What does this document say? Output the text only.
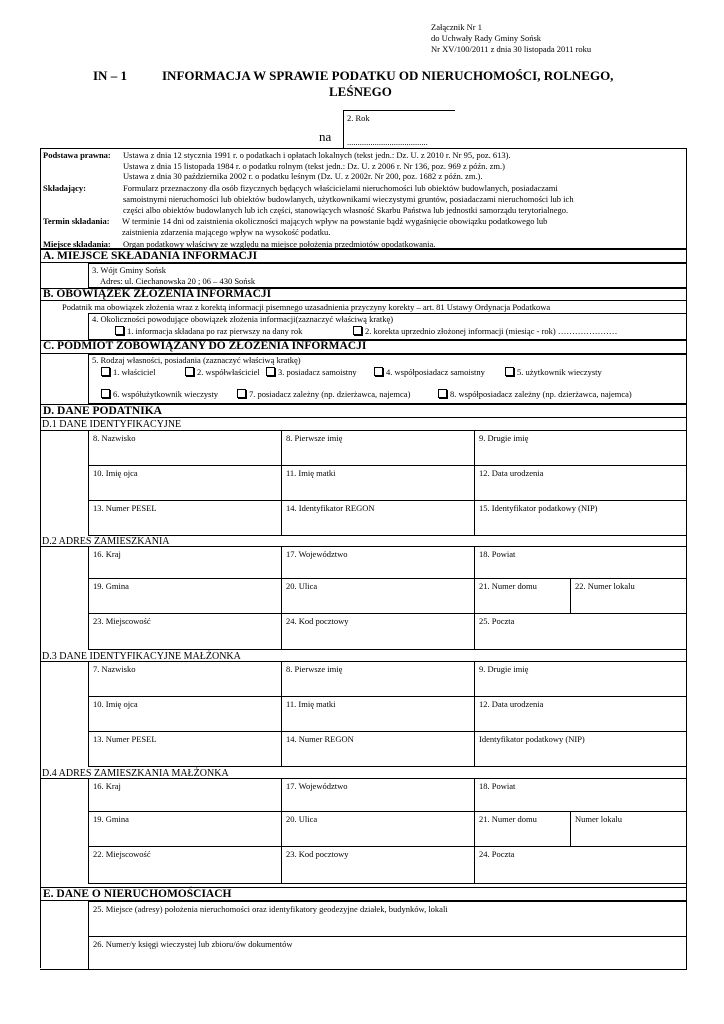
Załącznik Nr 1
do Uchwały Rady Gminy Sońsk
Nr XV/100/2011 z dnia 30 listopada 2011 roku
IN – 1	INFORMACJA W SPRAWIE PODATKU OD NIERUCHOMOŚCI, ROLNEGO,
LEŚNEGO
2. Rok
......................................
na
Podstawa prawna: Ustawa z dnia 12 stycznia 1991 r. o podatkach i opłatach lokalnych (tekst jedn.: Dz. U. z 2010 r. Nr 95, poz. 613).
Ustawa z dnia 15 listopada 1984 r. o podatku rolnym (tekst jedn.: Dz. U. z 2006 r. Nr 136, poz. 969 z późn. zm.)
Ustawa z dnia 30 października 2002 r. o podatku leśnym (Dz. U. z 2002r. Nr 200, poz. 1682 z późn. zm.).
Składający:	Formularz przeznaczony dla osób fizycznych będących właścicielami nieruchomości lub obiektów budowlanych, posiadaczami
samoistnymi nieruchomości lub obiektów budowlanych, użytkownikami wieczystymi gruntów, posiadaczami nieruchomości lub ich
części albo obiektów budowlanych lub ich części, stanowiących własność Skarbu Państwa lub jednostki samorządu terytorialnego.
Termin składania: W terminie 14 dni od zaistnienia okoliczności mających wpływ na powstanie bądź wygaśnięcie obowiązku podatkowego lub
zaistnienia zdarzenia mającego wpływ na wysokość podatku.
Miejsce składania: Organ podatkowy właściwy ze względu na miejsce położenia przedmiotów opodatkowania.
A. MIEJSCE SKŁADANIA INFORMACJI
3. Wójt Gminy Sońsk
Adres: ul. Ciechanowska 20 ; 06 – 430 Sońsk
B. OBOWIĄZEK ZŁOŻENIA INFORMACJI
Podatnik ma obowiązek złożenia wraz z korektą informacji pisemnego uzasadnienia przyczyny korekty – art. 81 Ustawy Ordynacja Podatkowa
4. Okoliczności powodujące obowiązek złożenia informacji(zaznaczyć właściwą kratkę)
1. informacja składana po raz pierwszy na dany rok	2. korekta uprzednio złożonej informacji (miesiąc - rok) …………………
C. PODMIOT ZOBOWIĄZANY DO ZŁOŻENIA INFORMACJI
5. Rodzaj własności, posiadania (zaznaczyć właściwą kratkę)
1. właściciel	2. współwłaściciel	3. posiadacz samoistny	4. współposiadacz samoistny	5. użytkownik wieczysty
6. współużytkownik wieczysty	7. posiadacz zależny (np. dzierżawca, najemca)	8. współposiadacz zależny (np. dzierżawca, najemca)
D. DANE PODATNIKA
D.1 DANE IDENTYFIKACYJNE
8. Nazwisko	8. Pierwsze imię	9. Drugie imię
10. Imię ojca	11. Imię matki	12. Data urodzenia
13. Numer PESEL	14. Identyfikator REGON	15. Identyfikator podatkowy (NIP)
D.2 ADRES ZAMIESZKANIA
16. Kraj	17. Województwo	18. Powiat
19. Gmina	20. Ulica	21. Numer domu	22. Numer lokalu
23. Miejscowość	24. Kod pocztowy	25. Poczta
D.3 DANE IDENTYFIKACYJNE MAŁŻONKA
7. Nazwisko	8. Pierwsze imię	9. Drugie imię
10. Imię ojca	11. Imię matki	12. Data urodzenia
13. Numer PESEL	14. Numer REGON	Identyfikator podatkowy (NIP)
D.4 ADRES ZAMIESZKANIA MAŁŻONKA
16. Kraj	17. Województwo	18. Powiat
19. Gmina	20. Ulica	21. Numer domu	Numer lokalu
22. Miejscowość	23. Kod pocztowy	24. Poczta
E. DANE O NIERUCHOMOŚCIACH
25. Miejsce (adresy) położenia nieruchomości oraz identyfikatory geodezyjne działek, budynków, lokali
26. Numer/y księgi wieczystej lub zbioru/ów dokumentów
